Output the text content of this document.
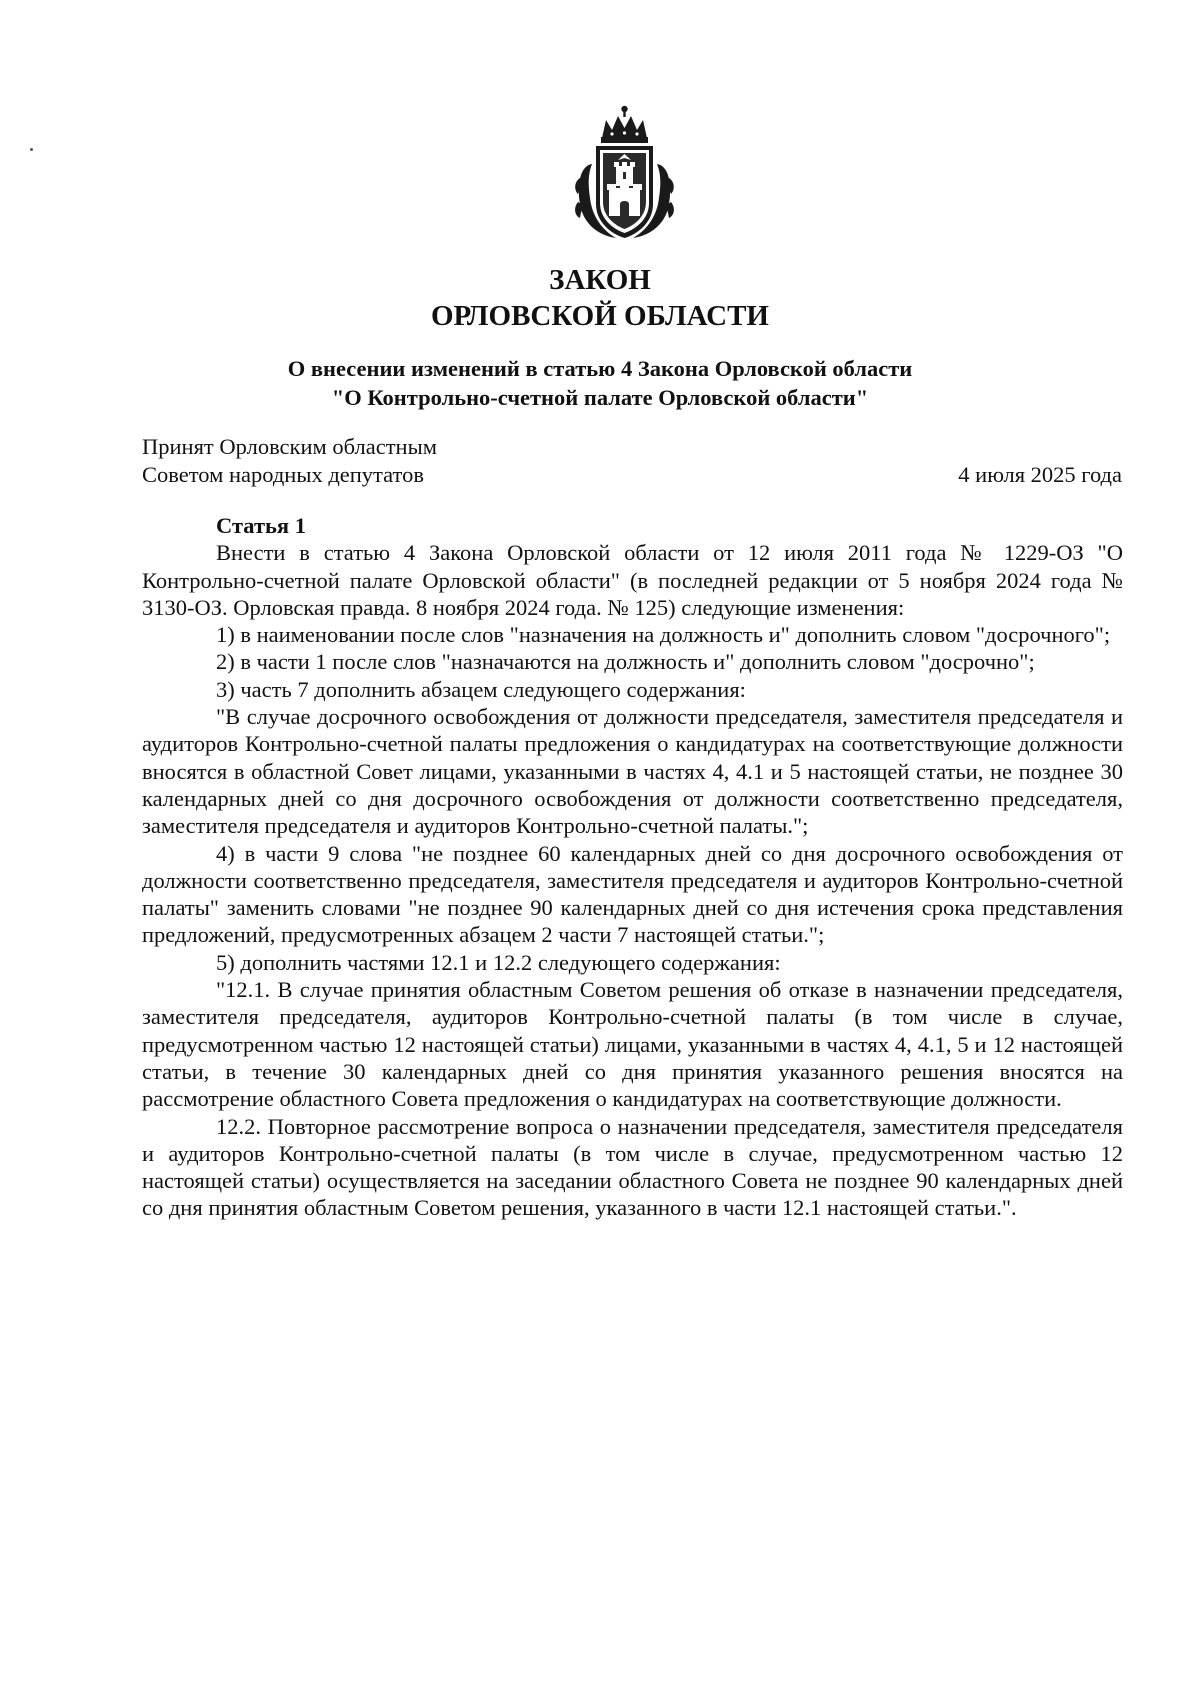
ЗАКОН
ОРЛОВСКОЙ ОБЛАСТИ
О внесении изменений в статью 4 Закона Орловской области
"О Контрольно-счетной палате Орловской области"
Принят Орловским областным
Советом народных депутатов	4 июля 2025 года

Статья 1

Внести в статью 4 Закона Орловской области от 12 июля 2011 года № 1229-ОЗ "О Контрольно-счетной палате Орловской области" (в последней редакции от 5 ноября 2024 года № 3130-ОЗ. Орловская правда. 8 ноября 2024 года. № 125) следующие изменения:

1) в наименовании после слов "назначения на должность и" дополнить словом "досрочного";

2) в части 1 после слов "назначаются на должность и" дополнить словом "досрочно";

3) часть 7 дополнить абзацем следующего содержания:

"В случае досрочного освобождения от должности председателя, заместителя председателя и аудиторов Контрольно-счетной палаты предложения о кандидатурах на соответствующие должности вносятся в областной Совет лицами, указанными в частях 4, 4.1 и 5 настоящей статьи, не позднее 30 календарных дней со дня досрочного освобождения от должности соответственно председателя, заместителя председателя и аудиторов Контрольно-счетной палаты.";

4) в части 9 слова "не позднее 60 календарных дней со дня досрочного освобождения от должности соответственно председателя, заместителя председателя и аудиторов Контрольно-счетной палаты" заменить словами "не позднее 90 календарных дней со дня истечения срока представления предложений, предусмотренных абзацем 2 части 7 настоящей статьи.";

5) дополнить частями 12.1 и 12.2 следующего содержания:

"12.1. В случае принятия областным Советом решения об отказе в назначении председателя, заместителя председателя, аудиторов Контрольно-счетной палаты (в том числе в случае, предусмотренном частью 12 настоящей статьи) лицами, указанными в частях 4, 4.1, 5 и 12 настоящей статьи, в течение 30 календарных дней со дня принятия указанного решения вносятся на рассмотрение областного Совета предложения о кандидатурах на соответствующие должности.

12.2. Повторное рассмотрение вопроса о назначении председателя, заместителя председателя и аудиторов Контрольно-счетной палаты (в том числе в случае, предусмотренном частью 12 настоящей статьи) осуществляется на заседании областного Совета не позднее 90 календарных дней со дня принятия областным Советом решения, указанного в части 12.1 настоящей статьи.".
